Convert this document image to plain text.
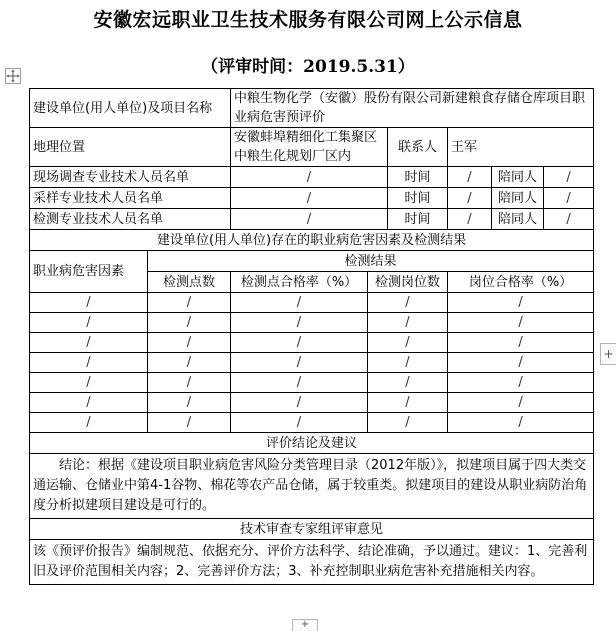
安徽宏远职业卫生技术服务有限公司网上公示信息
（评审时间：2019.5.31）
建设单位(用人单位)及项目名称		中粮生物化学（安徽）股份有限公司新建粮食存储仓库项目职业病危害预评价					
地理位置		安徽蚌埠精细化工集聚区中粮生化规划厂区内		联系人	王军		
现场调查专业技术人员名单		/		时间	/	陪同人	/
采样专业技术人员名单		/		时间	/	陪同人	/
检测专业技术人员名单		/		时间	/	陪同人	/
建设单位(用人单位)存在的职业病危害因素及检测结果							
职业病危害因素	检测结果						
	检测点数	检测点合格率（%）	检测岗位数		岗位合格率（%）		
/	/	/	/		/		
/	/	/	/		/		
/	/	/	/		/		
/	/	/	/		/		
/	/	/	/		/		
/	/	/	/		/		
/	/	/	/		/		
评价结论及建议							
结论：根据《建设项目职业病危害风险分类管理目录（2012年版）》，拟建项目属于四大类交通运输、仓储业中第4-1谷物、棉花等农产品仓储，属于较重类。拟建项目的建设从职业病防治角度分析拟建项目建设是可行的。							
技术审查专家组评审意见							
该《预评价报告》编制规范、依据充分、评价方法科学、结论准确，予以通过。建议：1、完善利旧及评价范围相关内容；2、完善评价方法；3、补充控制职业病危害补充措施相关内容。							
+
+
